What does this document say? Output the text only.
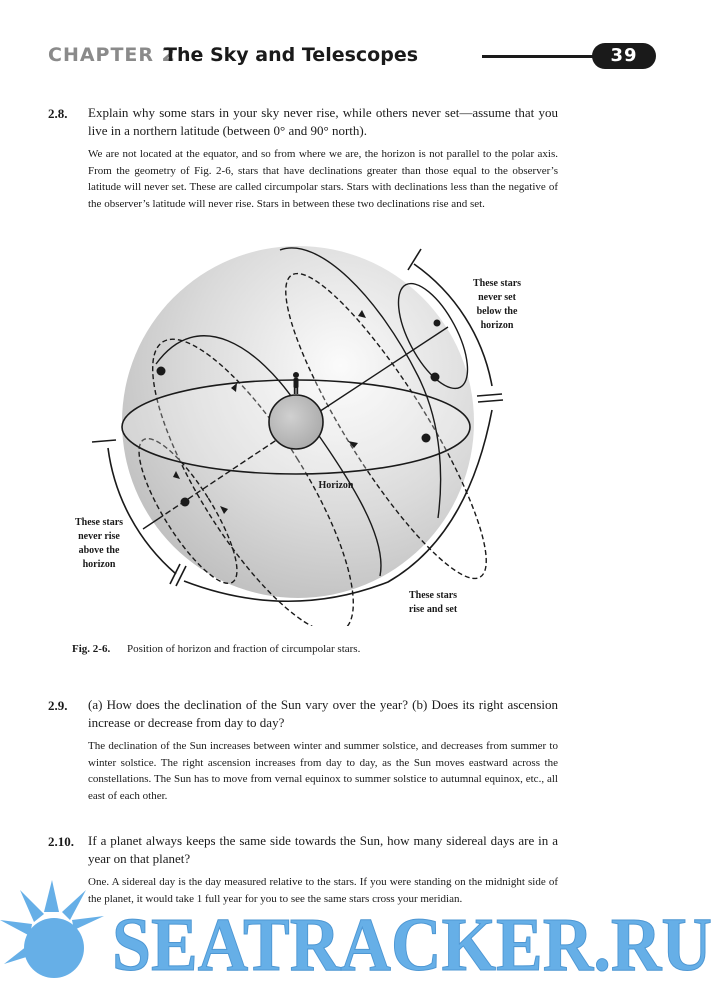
CHAPTER 2
The Sky and Telescopes	39
2.8. Explain why some stars in your sky never rise, while others never set—assume that you live in a northern latitude (between 0° and 90° north).
We are not located at the equator, and so from where we are, the horizon is not parallel to the polar axis. From the geometry of Fig. 2-6, stars that have declinations greater than those equal to the observer’s latitude will never set. These are called circumpolar stars. Stars with declinations less than the negative of the observer’s latitude will never rise. Stars in between these two declinations rise and set.
These stars
never set
below the
horizon
These stars
never rise
above the
horizon
These stars
rise and set
Horizon
Fig. 2-6. Position of horizon and fraction of circumpolar stars.
2.9. (a) How does the declination of the Sun vary over the year? (b) Does its right ascension increase or decrease from day to day?
The declination of the Sun increases between winter and summer solstice, and decreases from summer to winter solstice. The right ascension increases from day to day, as the Sun moves eastward across the constellations. The Sun has to move from vernal equinox to summer solstice to autumnal equinox, etc., all east of each other.
2.10. If a planet always keeps the same side towards the Sun, how many sidereal days are in a year on that planet?
One. A sidereal day is the day measured relative to the stars. If you were standing on the midnight side of the planet, it would take 1 full year for you to see the same stars cross your meridian.
SEATRACKER.RU
